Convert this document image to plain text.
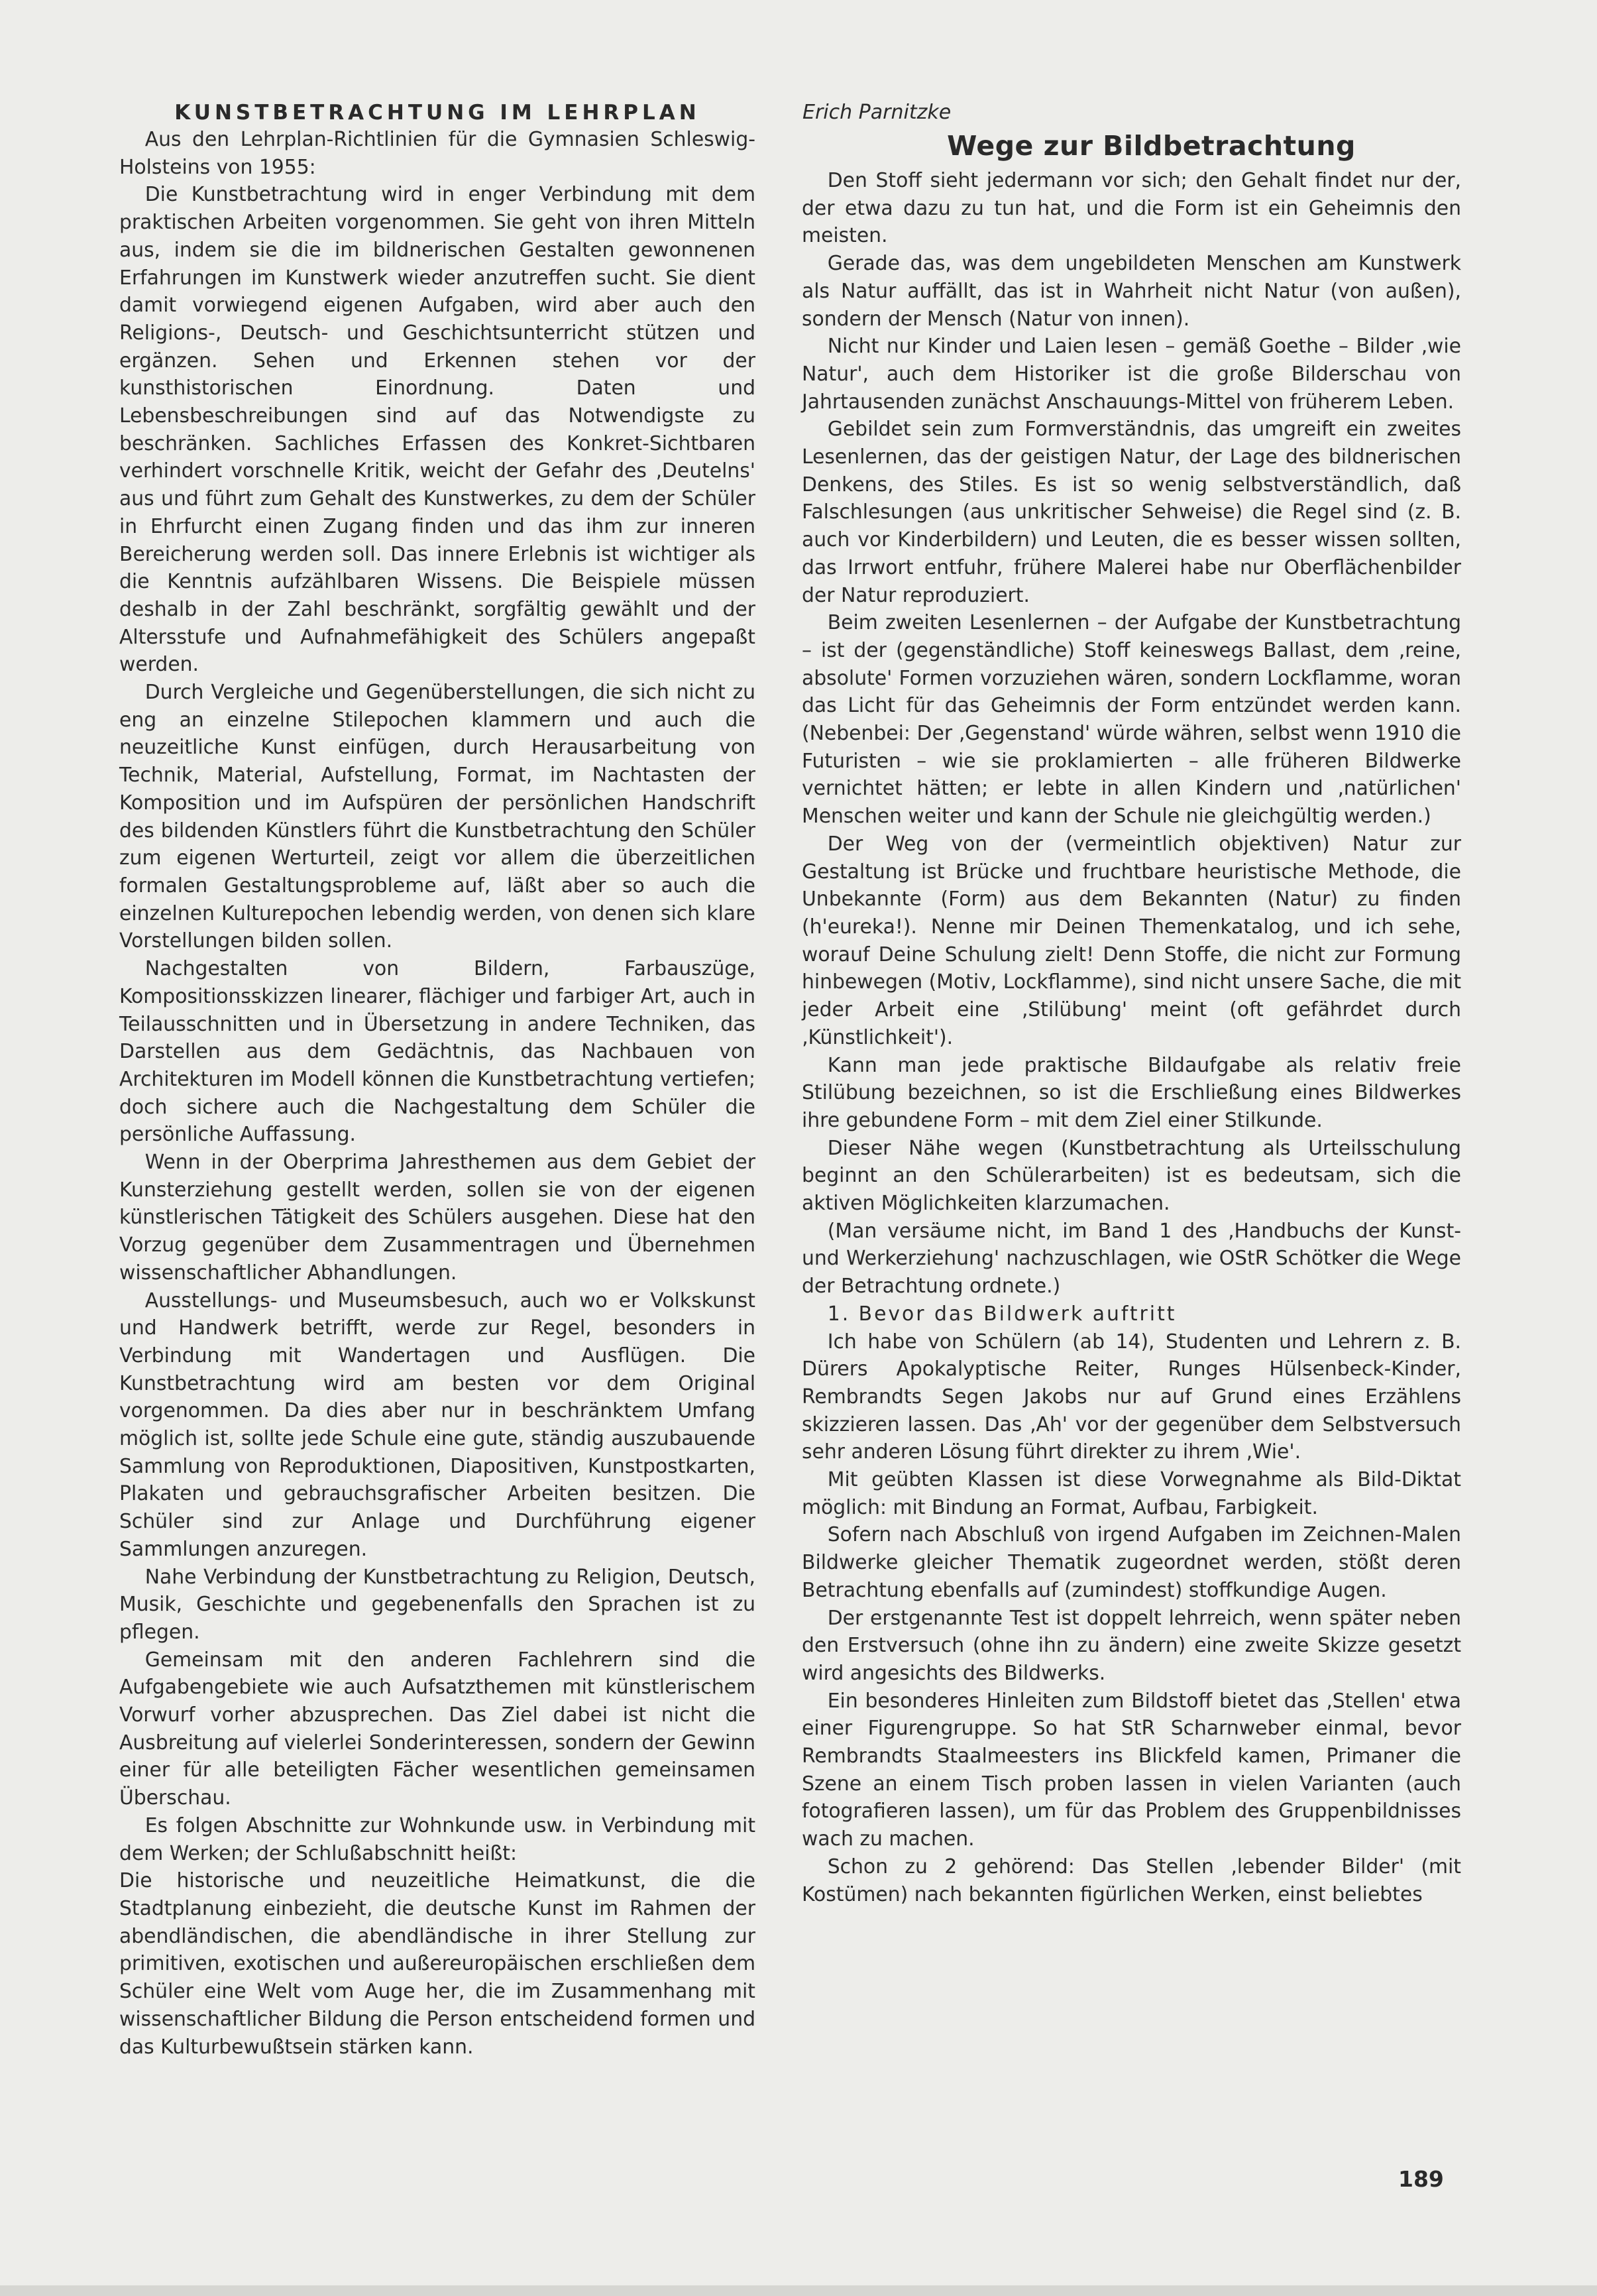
KUNSTBETRACHTUNG IM LEHRPLAN

Aus den Lehrplan-Richtlinien für die Gymnasien Schleswig-Holsteins von 1955:

Die Kunstbetrachtung wird in enger Verbindung mit dem praktischen Arbeiten vorgenommen. Sie geht von ihren Mitteln aus, indem sie die im bildnerischen Gestalten gewonnenen Erfahrungen im Kunstwerk wieder anzutreffen sucht. Sie dient damit vorwiegend eigenen Aufgaben, wird aber auch den Religions-, Deutsch- und Geschichtsunterricht stützen und ergänzen. Sehen und Erkennen stehen vor der kunsthistorischen Einordnung. Daten und Lebensbeschreibungen sind auf das Notwendigste zu beschränken. Sachliches Erfassen des Konkret-Sichtbaren verhindert vorschnelle Kritik, weicht der Gefahr des ‚Deutelns' aus und führt zum Gehalt des Kunstwerkes, zu dem der Schüler in Ehrfurcht einen Zugang finden und das ihm zur inneren Bereicherung werden soll. Das innere Erlebnis ist wichtiger als die Kenntnis aufzählbaren Wissens. Die Beispiele müssen deshalb in der Zahl beschränkt, sorgfältig gewählt und der Altersstufe und Aufnahmefähigkeit des Schülers angepaßt werden.

Durch Vergleiche und Gegenüberstellungen, die sich nicht zu eng an einzelne Stilepochen klammern und auch die neuzeitliche Kunst einfügen, durch Herausarbeitung von Technik, Material, Aufstellung, Format, im Nachtasten der Komposition und im Aufspüren der persönlichen Handschrift des bildenden Künstlers führt die Kunstbetrachtung den Schüler zum eigenen Werturteil, zeigt vor allem die überzeitlichen formalen Gestaltungsprobleme auf, läßt aber so auch die einzelnen Kulturepochen lebendig werden, von denen sich klare Vorstellungen bilden sollen.

Nachgestalten von Bildern, Farbauszüge, Kompositionsskizzen linearer, flächiger und farbiger Art, auch in Teilausschnitten und in Übersetzung in andere Techniken, das Darstellen aus dem Gedächtnis, das Nachbauen von Architekturen im Modell können die Kunstbetrachtung vertiefen; doch sichere auch die Nachgestaltung dem Schüler die persönliche Auffassung.

Wenn in der Oberprima Jahresthemen aus dem Gebiet der Kunsterziehung gestellt werden, sollen sie von der eigenen künstlerischen Tätigkeit des Schülers ausgehen. Diese hat den Vorzug gegenüber dem Zusammentragen und Übernehmen wissenschaftlicher Abhandlungen.

Ausstellungs- und Museumsbesuch, auch wo er Volkskunst und Handwerk betrifft, werde zur Regel, besonders in Verbindung mit Wandertagen und Ausflügen. Die Kunstbetrachtung wird am besten vor dem Original vorgenommen. Da dies aber nur in beschränktem Umfang möglich ist, sollte jede Schule eine gute, ständig auszubauende Sammlung von Reproduktionen, Diapositiven, Kunstpostkarten, Plakaten und gebrauchsgrafischer Arbeiten besitzen. Die Schüler sind zur Anlage und Durchführung eigener Sammlungen anzuregen.

Nahe Verbindung der Kunstbetrachtung zu Religion, Deutsch, Musik, Geschichte und gegebenenfalls den Sprachen ist zu pflegen.

Gemeinsam mit den anderen Fachlehrern sind die Aufgabengebiete wie auch Aufsatzthemen mit künstlerischem Vorwurf vorher abzusprechen. Das Ziel dabei ist nicht die Ausbreitung auf vielerlei Sonderinteressen, sondern der Gewinn einer für alle beteiligten Fächer wesentlichen gemeinsamen Überschau.

Es folgen Abschnitte zur Wohnkunde usw. in Verbindung mit dem Werken; der Schlußabschnitt heißt:

Die historische und neuzeitliche Heimatkunst, die die Stadtplanung einbezieht, die deutsche Kunst im Rahmen der abendländischen, die abendländische in ihrer Stellung zur primitiven, exotischen und außereuropäischen erschließen dem Schüler eine Welt vom Auge her, die im Zusammenhang mit wissenschaftlicher Bildung die Person entscheidend formen und das Kulturbewußtsein stärken kann.

Erich Parnitzke
Wege zur Bildbetrachtung

Den Stoff sieht jedermann vor sich; den Gehalt findet nur der, der etwa dazu zu tun hat, und die Form ist ein Geheimnis den meisten.

Gerade das, was dem ungebildeten Menschen am Kunstwerk als Natur auffällt, das ist in Wahrheit nicht Natur (von außen), sondern der Mensch (Natur von innen).

Nicht nur Kinder und Laien lesen – gemäß Goethe – Bilder ‚wie Natur', auch dem Historiker ist die große Bilderschau von Jahrtausenden zunächst Anschauungs-Mittel von früherem Leben.

Gebildet sein zum Formverständnis, das umgreift ein zweites Lesenlernen, das der geistigen Natur, der Lage des bildnerischen Denkens, des Stiles. Es ist so wenig selbstverständlich, daß Falschlesungen (aus unkritischer Sehweise) die Regel sind (z. B. auch vor Kinderbildern) und Leuten, die es besser wissen sollten, das Irrwort entfuhr, frühere Malerei habe nur Oberflächenbilder der Natur reproduziert.

Beim zweiten Lesenlernen – der Aufgabe der Kunstbetrachtung – ist der (gegenständliche) Stoff keineswegs Ballast, dem ‚reine, absolute' Formen vorzuziehen wären, sondern Lockflamme, woran das Licht für das Geheimnis der Form entzündet werden kann. (Nebenbei: Der ‚Gegenstand' würde währen, selbst wenn 1910 die Futuristen – wie sie proklamierten – alle früheren Bildwerke vernichtet hätten; er lebte in allen Kindern und ‚natürlichen' Menschen weiter und kann der Schule nie gleichgültig werden.)

Der Weg von der (vermeintlich objektiven) Natur zur Gestaltung ist Brücke und fruchtbare heuristische Methode, die Unbekannte (Form) aus dem Bekannten (Natur) zu finden (h'eureka!). Nenne mir Deinen Themenkatalog, und ich sehe, worauf Deine Schulung zielt! Denn Stoffe, die nicht zur Formung hinbewegen (Motiv, Lockflamme), sind nicht unsere Sache, die mit jeder Arbeit eine ‚Stilübung' meint (oft gefährdet durch ‚Künstlichkeit').

Kann man jede praktische Bildaufgabe als relativ freie Stilübung bezeichnen, so ist die Erschließung eines Bildwerkes ihre gebundene Form – mit dem Ziel einer Stilkunde.

Dieser Nähe wegen (Kunstbetrachtung als Urteilsschulung beginnt an den Schülerarbeiten) ist es bedeutsam, sich die aktiven Möglichkeiten klarzumachen.

(Man versäume nicht, im Band 1 des ‚Handbuchs der Kunst- und Werkerziehung' nachzuschlagen, wie OStR Schötker die Wege der Betrachtung ordnete.)

1. Bevor das Bildwerk auftritt

Ich habe von Schülern (ab 14), Studenten und Lehrern z. B. Dürers Apokalyptische Reiter, Runges Hülsenbeck-Kinder, Rembrandts Segen Jakobs nur auf Grund eines Erzählens skizzieren lassen. Das ‚Ah' vor der gegenüber dem Selbstversuch sehr anderen Lösung führt direkter zu ihrem ‚Wie'.

Mit geübten Klassen ist diese Vorwegnahme als Bild-Diktat möglich: mit Bindung an Format, Aufbau, Farbigkeit.

Sofern nach Abschluß von irgend Aufgaben im Zeichnen-Malen Bildwerke gleicher Thematik zugeordnet werden, stößt deren Betrachtung ebenfalls auf (zumindest) stoffkundige Augen.

Der erstgenannte Test ist doppelt lehrreich, wenn später neben den Erstversuch (ohne ihn zu ändern) eine zweite Skizze gesetzt wird angesichts des Bildwerks.

Ein besonderes Hinleiten zum Bildstoff bietet das ‚Stellen' etwa einer Figurengruppe. So hat StR Scharnweber einmal, bevor Rembrandts Staalmeesters ins Blickfeld kamen, Primaner die Szene an einem Tisch proben lassen in vielen Varianten (auch fotografieren lassen), um für das Problem des Gruppenbildnisses wach zu machen.

Schon zu 2 gehörend: Das Stellen ‚lebender Bilder' (mit Kostümen) nach bekannten figürlichen Werken, einst beliebtes

189
